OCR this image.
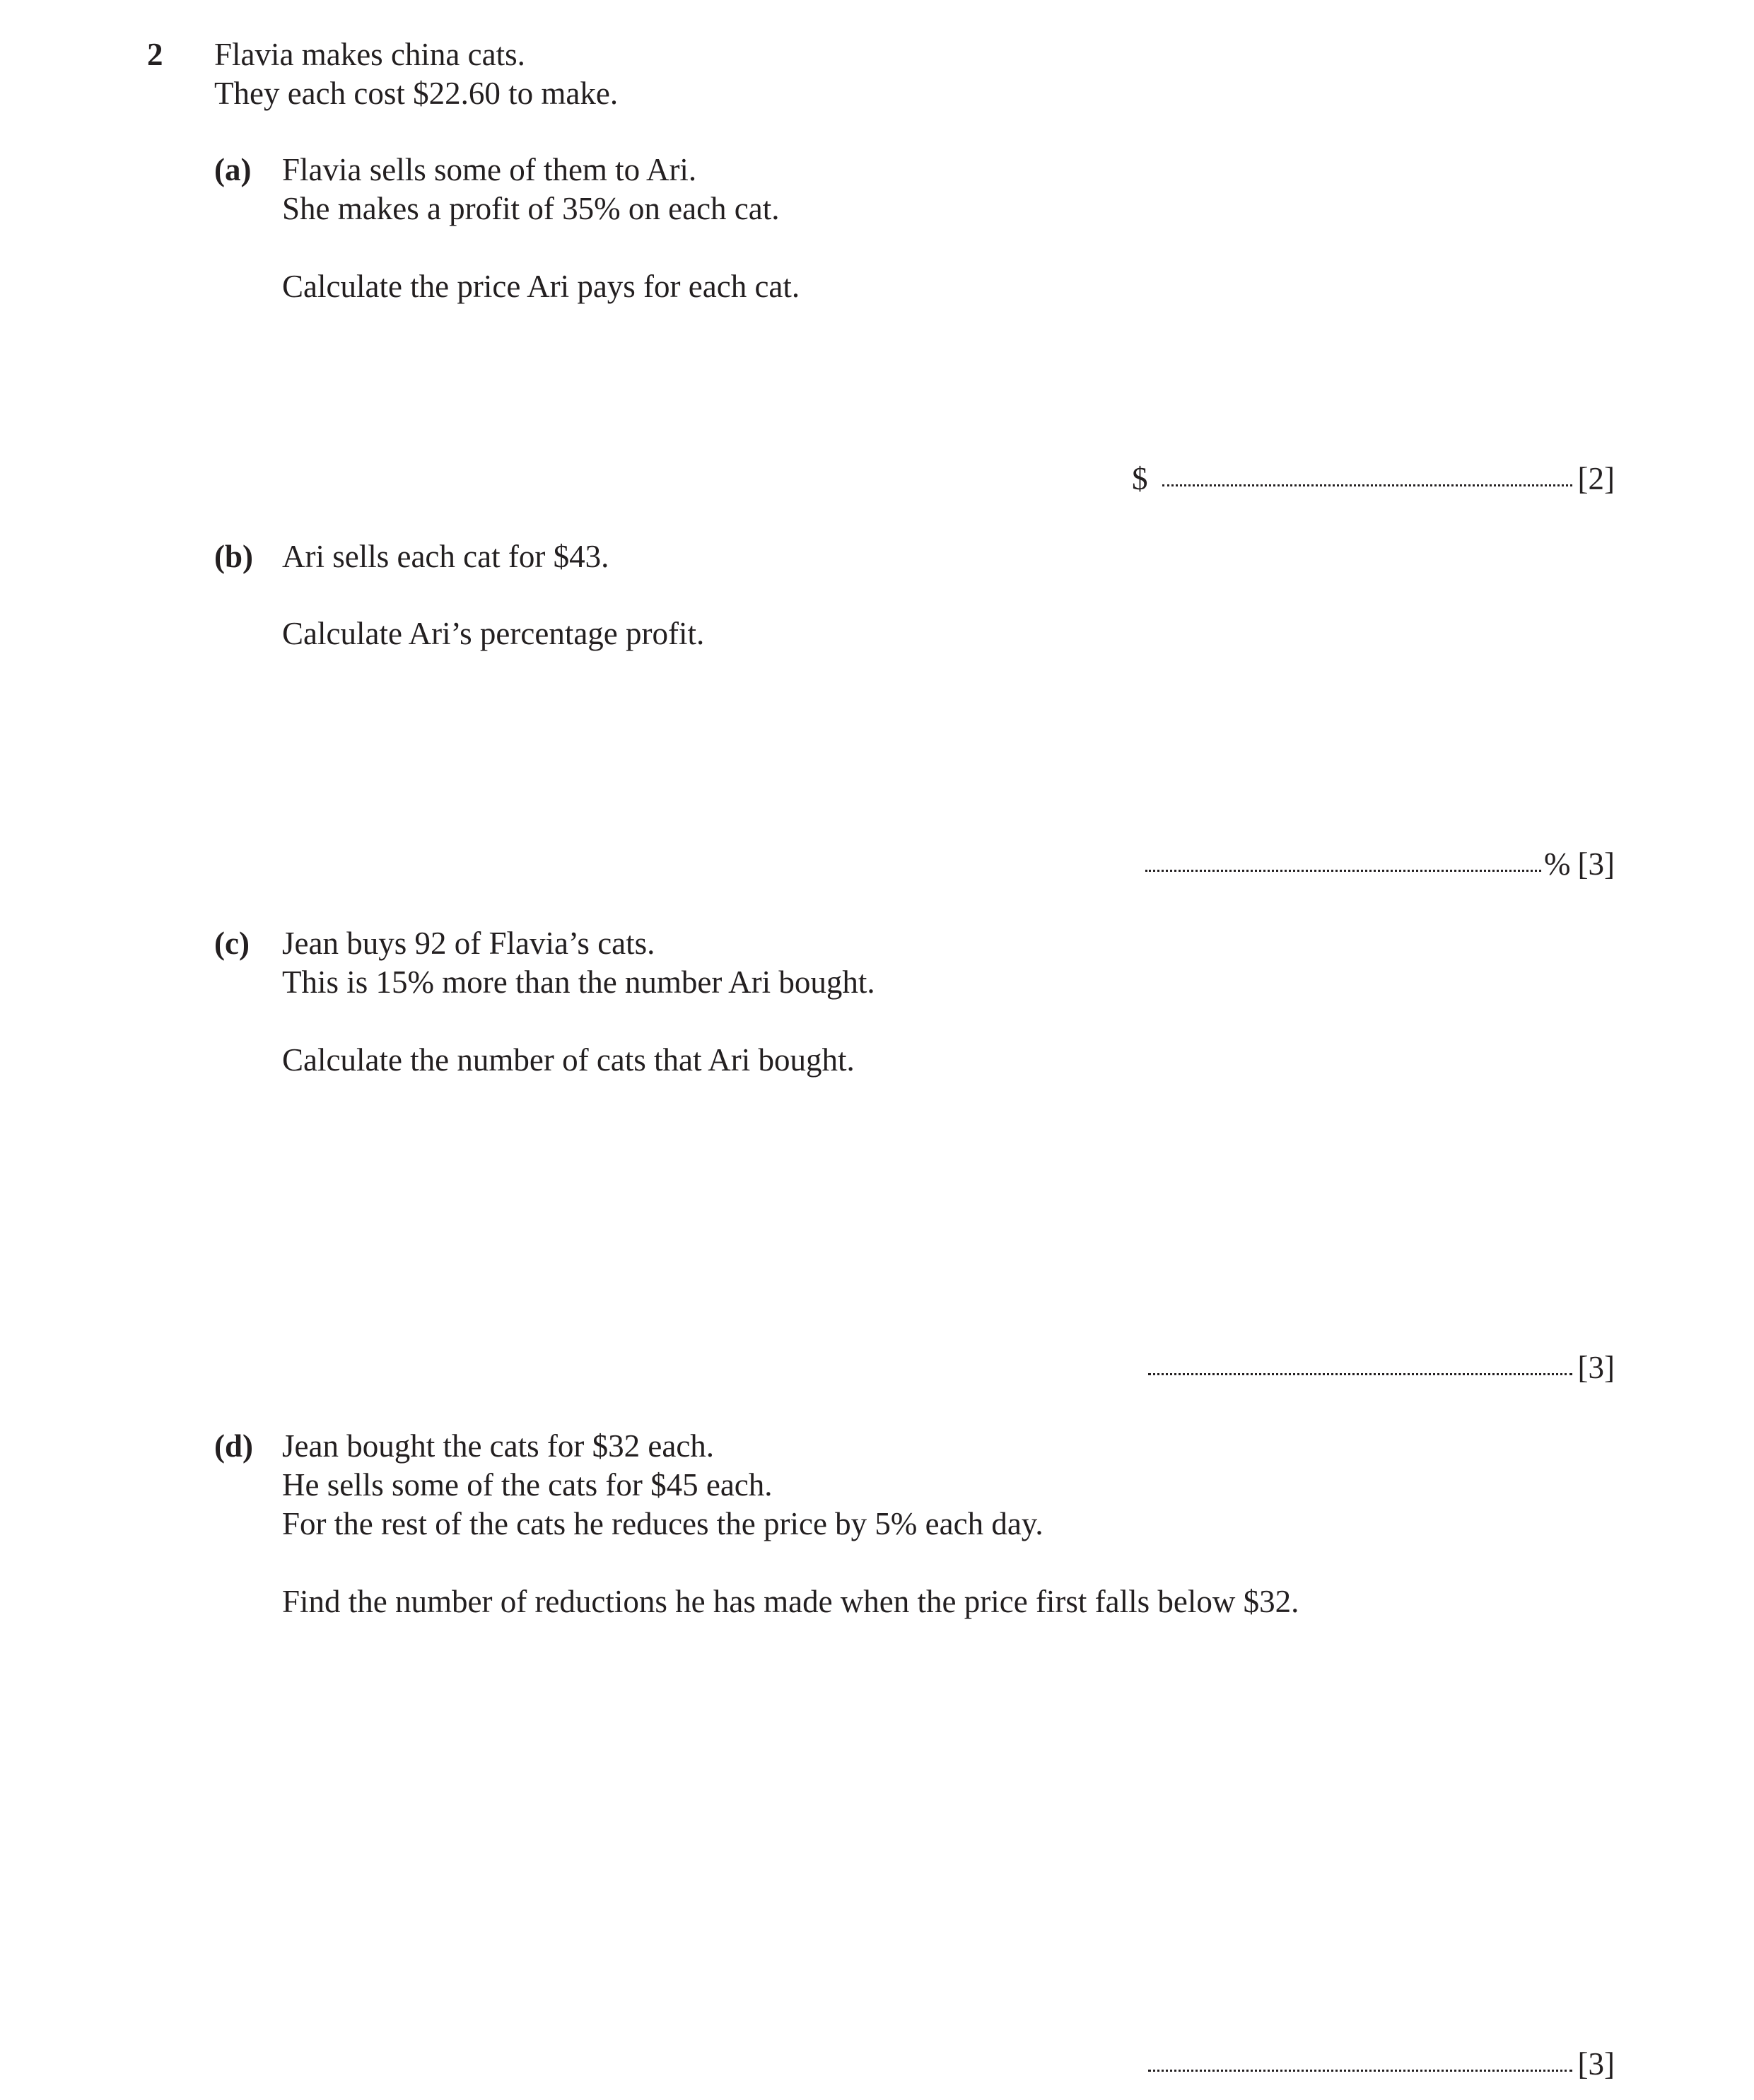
2 Flavia makes china cats.
They each cost $22.60 to make.
(a) Flavia sells some of them to Ari.
She makes a profit of 35% on each cat.
Calculate the price Ari pays for each cat.
$	[2]
(b) Ari sells each cat for $43.
Calculate Ari’s percentage profit.
% [3]
(c) Jean buys 92 of Flavia’s cats.
This is 15% more than the number Ari bought.
Calculate the number of cats that Ari bought.
[3]
(d) Jean bought the cats for $32 each.
He sells some of the cats for $45 each.
For the rest of the cats he reduces the price by 5% each day.
Find the number of reductions he has made when the price first falls below $32.
[3]
